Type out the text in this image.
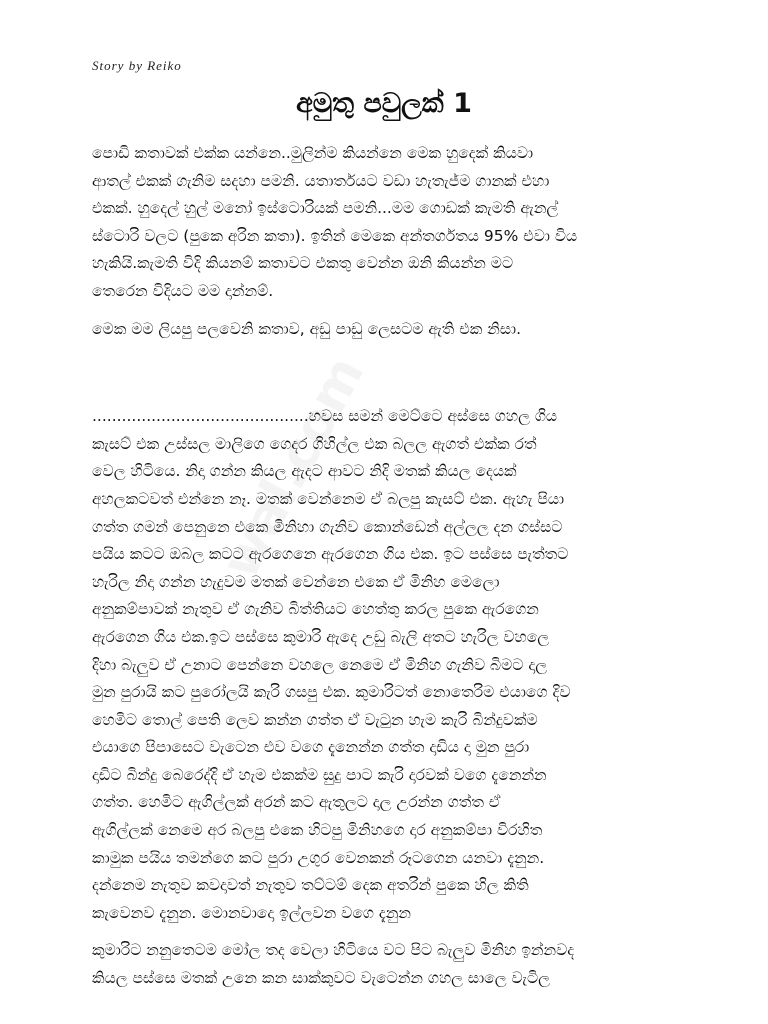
Story by Reiko
අමුතු පවුලක් 1

පොඩි කතාවක් එක්ක යන්නෙ..මුලින්ම කියන්නෙ මෙක හුදෙක් කියවා
ආතල් එකක් ගැනිම සදහා පමනි. යතාර්තයට වඩා හැතැජ්ම ගානක් එහා
එකක්. හුදෙල් හුල් මනෝ ඉස්ටොරියක් පමනි...මම ගොඩක් කැමති ඇනල්
ස්ටොරි වලට (පුකෙ අරින කතා). ඉතින් මෙකෙ අන්තර්ගතය 95% එවා විය
හැකියි.කැමති විදි කියනම් කතාවට එකතු වෙන්න ඔනි කියන්න මට
තෙරෙන විදියට මම දාන්නම්.

මෙක මම ලියපු පලවෙනි කතාව, අඩු පාඩු ලෙසටම ඇති එක නිසා.

............................................හවස සමන් මෙට්ටෙ අස්සෙ ගහල ගිය
කැසට් එක උස්සල මාලිගෙ ගෙදර ගිහිල්ල එක බලල ඇගත් එක්ක රත්
වෙල හිටියෙ. නිදා ගන්න කියල ඇදට ආවට නිදි මතක් කියල දෙයක්
අහලකටවත් එන්නෙ නෑ. මතක් වෙන්නෙම ඒ බලපු කැසට් එක. ඇහැ පියා
ගත්ත ගමන් පෙනුනෙ එකෙ මිනිහා ගැනිව කොන්ඩෙන් අල්ලල දන ගස්සට
පයිය කටට ඔබල කටට ඇරගෙනෙ ඇරගෙන ගිය එක. ඉට පස්සෙ පැත්තට
හැරිල නිදා ගන්න හැදුවම මතක් වෙන්නෙ එකෙ ඒ මිනිහ මෙලො
අනුකම්පාවක් නැතුව ඒ ගැනිව බිත්තියට හෙත්තු කරල පුකෙ ඇරගෙන
ඇරගෙන ගිය එක.ඉට පස්සෙ කුමාරි ඇදෙ උඩු බැලි අතට හැරිල වහලෙ
දිහා බැලුව ඒ උනාට පෙන්නෙ වහලෙ නෙමෙ ඒ මිනිහ ගැනිව බිමට දාල
මුන පුරායි කට පුරෝලයි කැරි ගසපු එක. කුමාරිටත් නොතෙරිම එයාගෙ දිව
හෙමිට තොල් පෙති ලෙව කන්න ගත්ත ඒ වැටුන හැම කැරි බින්දුවක්ම
එයාගෙ පිපාසෙට වැටෙන එව වගෙ දැනෙන්න ගත්ත දාඩිය දා මුන පුරා
දාඩිට බින්දු බෙරෙද්දි ඒ හැම එකක්ම සුදු පාට කැරි දාරවක් වගෙ දැනෙන්න
ගත්ත. හෙමිට ඇගිල්ලක් අරන් කට ඇතුලට දාල උරන්න ගත්ත ඒ
ඇගිල්ලක් නෙමෙ අර බලපු එකෙ හිටපු මිනිහගෙ දාර අනුකම්පා විරහිත
කාමුක පයිය තමන්ගෙ කට පුරා උගුර වෙනකන් රූටගෙන යනවා දැනුන.
දන්නෙම නැතුව කවදාවත් නැතුව තට්ටම් දෙක අතරින් පුකෙ හිල කිති
කැවෙනව දැනුන. මොනවාදො ඉල්ලවන වගෙ දැනුන

කුමාරිට නනුතෙටම මෝල තද වෙලා හිටියෙ වට පිට බැලුව මිනිහ ඉන්නවද
කියල පස්සෙ මතක් උනෙ කන සාක්කුවට වැටෙන්න ගහල සාලෙ වැටිල
